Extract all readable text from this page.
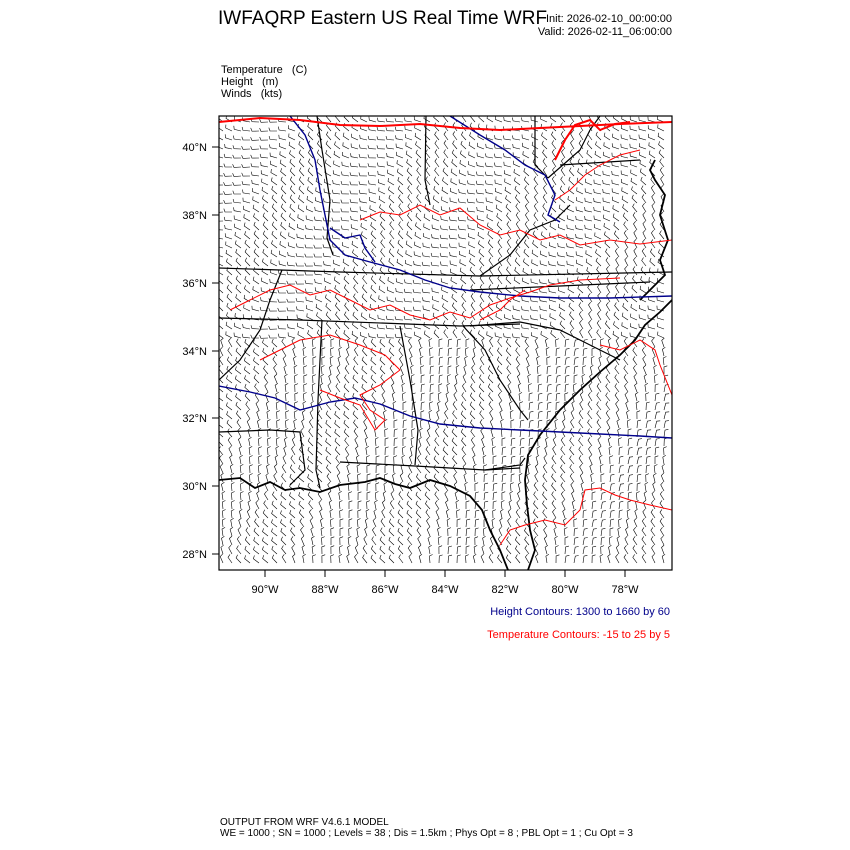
IWFAQRP Eastern US Real Time WRF
Init: 2026-02-10_00:00:00
Valid: 2026-02-11_06:00:00
Temperature   (C)
Height   (m)
Winds   (kts)
40°N
38°N
36°N
34°N
32°N
30°N
28°N
90°W	88°W	86°W	84°W	82°W	80°W	78°W
Height Contours: 1300 to 1660 by 60
Temperature Contours: -15 to 25 by 5
OUTPUT FROM WRF V4.6.1 MODEL
WE = 1000 ; SN = 1000 ; Levels = 38 ; Dis = 1.5km ; Phys Opt = 8 ; PBL Opt = 1 ; Cu Opt = 3
